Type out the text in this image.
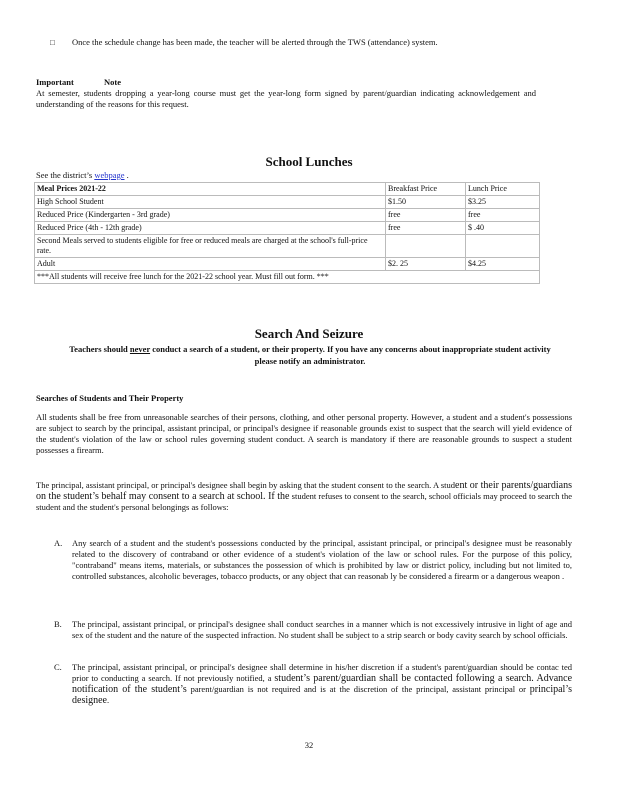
□ Once the schedule change has been made, the teacher will be alerted through the TWS (attendance) system.
Important	Note
At semester, students dropping a year-long course must get the year-long form signed by parent/guardian indicating acknowledgement and understanding of the reasons for this request.
School Lunches
See the district’s webpage .
Meal Prices 2021-22	Breakfast Price	Lunch Price
High School Student	$1.50	$3.25
Reduced Price (Kindergarten - 3rd grade)	free	free
Reduced Price (4th - 12th grade)	free	$ .40
Second Meals served to students eligible for free or reduced meals are charged at the school's full-price rate.		
Adult	$2. 25	$4.25
***All students will receive free lunch for the 2021-22 school year. Must fill out form. ***		
Search And Seizure
Teachers should never conduct a search of a student, or their property. If you have any concerns about inappropriate student activity please notify an administrator.
Searches of Students and Their Property
All students shall be free from unreasonable searches of their persons, clothing, and other personal property. However, a student and a student's possessions are subject to search by the principal, assistant principal, or principal's designee if reasonable grounds exist to suspect that the search will yield evidence of the student's violation of the law or school rules governing student conduct. A search is mandatory if there are reasonable grounds to suspect a student possesses a firearm.
The principal, assistant principal, or principal's designee shall begin by asking that the student consent to the search. A student or their parents/guardians on the student’s behalf may consent to a search at school. If the student refuses to consent to the search, school officials may proceed to search the student and the student's personal belongings as follows:
A. Any search of a student and the student's possessions conducted by the principal, assistant principal, or principal's designee must be reasonably related to the discovery of contraband or other evidence of a student's violation of the law or school rules. For the purpose of this policy, "contraband" means items, materials, or substances the possession of which is prohibited by law or district policy, including but not limited to, controlled substances, alcoholic beverages, tobacco products, or any object that can reasonab ly be considered a firearm or a dangerous weapon .
B. The principal, assistant principal, or principal's designee shall conduct searches in a manner which is not excessively intrusive in light of age and sex of the student and the nature of the suspected infraction. No student shall be subject to a strip search or body cavity search by school officials.
C. The principal, assistant principal, or principal's designee shall determine in his/her discretion if a student's parent/guardian should be contac ted prior to conducting a search. If not previously notified, a student’s parent/guardian shall be contacted following a search. Advance notification of the student’s parent/guardian is not required and is at the discretion of the principal, assistant principal or principal’s designee.
32
